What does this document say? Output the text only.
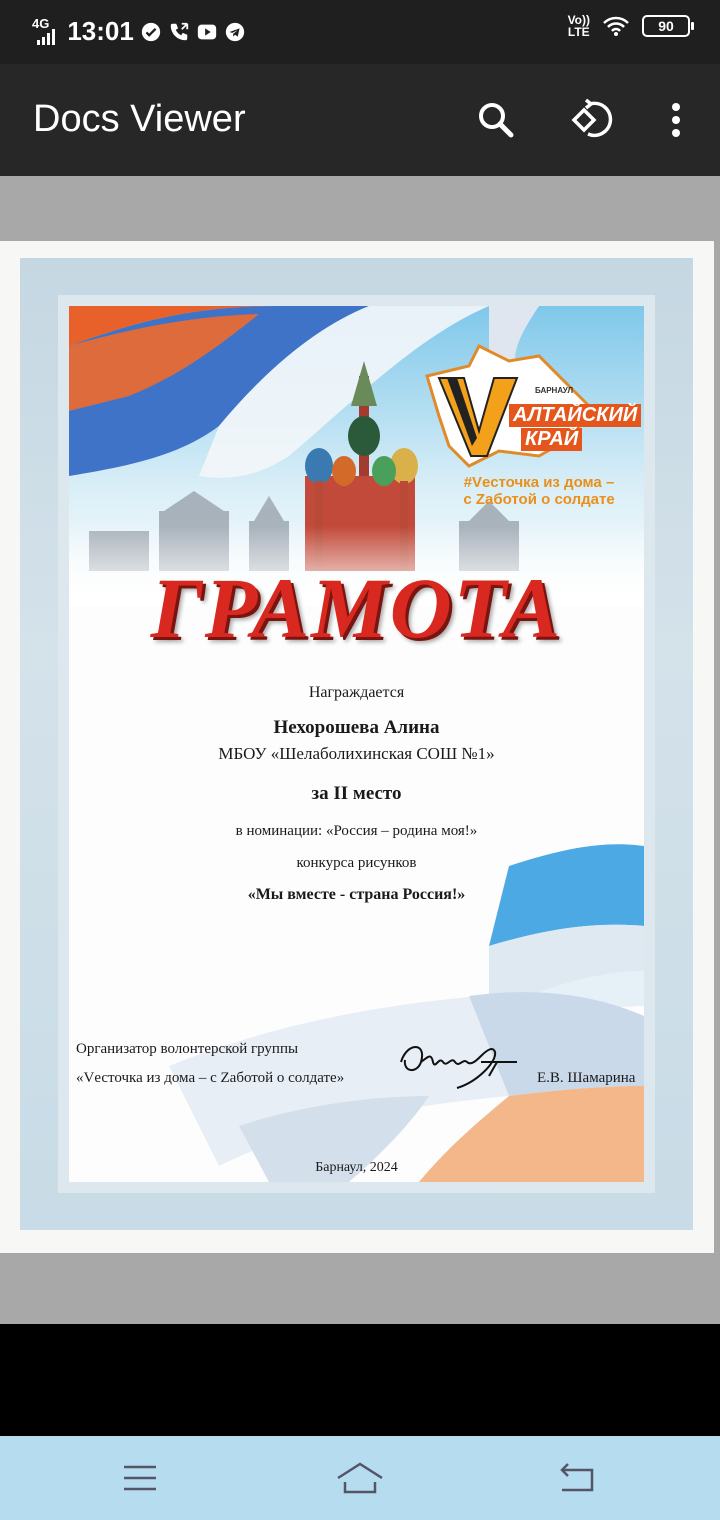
4G 13:01	Vo))
LTE	90
Docs Viewer
БАРНАУЛ
АЛТАЙСКИЙ
КРАЙ
#Vесточка из дома –
с Zаботой о солдате
ГРАМОТА
Награждается
Нехорошева Алина
МБОУ «Шелаболихинская СОШ №1»
за II место
в номинации: «Россия – родина моя!»
конкурса рисунков
«Мы вместе - страна Россия!»
Организатор волонтерской группы
«Vесточка из дома – с Zаботой о солдате»	Е.В. Шамарина
Барнаул, 2024
